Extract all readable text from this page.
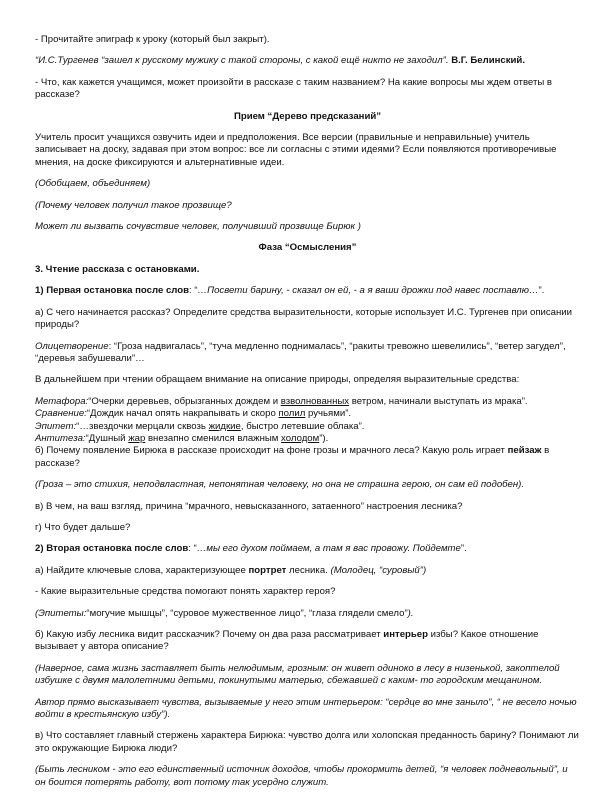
- Прочитайте эпиграф к уроку (который был закрыт).

“И.С.Тургенев “зашел к русскому мужику с такой стороны, с какой ещё никто не заходил”. В.Г. Белинский.

- Что, как кажется учащимся, может произойти в рассказе с таким названием? На какие вопросы мы ждем ответы в рассказе?

Прием “Дерево предсказаний”

Учитель просит учащихся озвучить идеи и предположения. Все версии (правильные и неправильные) учитель записывает на доску, задавая при этом вопрос: все ли согласны с этими идеями? Если появляются противоречивые мнения, на доске фиксируются и альтернативные идеи.

(Обобщаем, объединяем)

(Почему человек получил такое прозвище?

Может ли вызвать сочувствие человек, получивший прозвище Бирюк )

Фаза “Осмысления”

3. Чтение рассказа с остановками.

1) Первая остановка после слов: “…Посвети барину, - сказал он ей, - а я ваши дрожки под навес поставлю…”.

а) С чего начинается рассказ? Определите средства выразительности, которые использует И.С. Тургенев при описании природы?

Олицетворение: “Гроза надвигалась”, “туча медленно поднималась”, “ракиты тревожно шевелились”, “ветер загудел”, “деревья забушевали”…

В дальнейшем при чтении обращаем внимание на описание природы, определяя выразительные средства:

Метафора:“Очерки деревьев, обрызганных дождем и взволнованных ветром, начинали выступать из мрака”.

Сравнение:“Дождик начал опять накрапывать и скоро полил ручьями”.

Эпитет:“…звездочки мерцали сквозь жидкие, быстро летевшие облака”.

Антитеза:“Душный жар внезапно сменился влажным холодом”).

б) Почему появление Бирюка в рассказе происходит на фоне грозы и мрачного леса? Какую роль играет пейзаж в рассказе?

(Гроза – это стихия, неподвластная, непонятная человеку, но она не страшна герою, он сам ей подобен).

в) В чем, на ваш взгляд, причина “мрачного, невысказанного, затаенного” настроения лесника?

г) Что будет дальше?

2) Вторая остановка после слов: “…мы его духом поймаем, а там я вас провожу. Пойдемте”.

а) Найдите ключевые слова, характеризующее портрет лесника. (Молодец, “суровый”)

- Какие выразительные средства помогают понять характер героя?

(Эпитеты:“могучие мышцы”, “суровое мужественное лицо”, “глаза глядели смело”).

б) Какую избу лесника видит рассказчик? Почему он два раза рассматривает интерьер избы? Какое отношение вызывает у автора описание?

(Наверное, сама жизнь заставляет быть нелюдимым, грозным: он живет одиноко в лесу в низенькой, закоптелой избушке с двумя малолетними детьми, покинутыми матерью, сбежавшей с каким- то городским мещанином.

Автор прямо высказывает чувства, вызываемые у него этим интерьером: “сердце во мне заныло”, “ не весело ночью войти в крестьянскую избу”).

в) Что составляет главный стержень характера Бирюка: чувство долга или холопская преданность барину? Понимают ли это окружающие Бирюка люди?

(Быть лесником - это его единственный источник доходов, чтобы прокормить детей, “я человек подневольный”, и он боится потерять работу, вот потому так усердно служит.
